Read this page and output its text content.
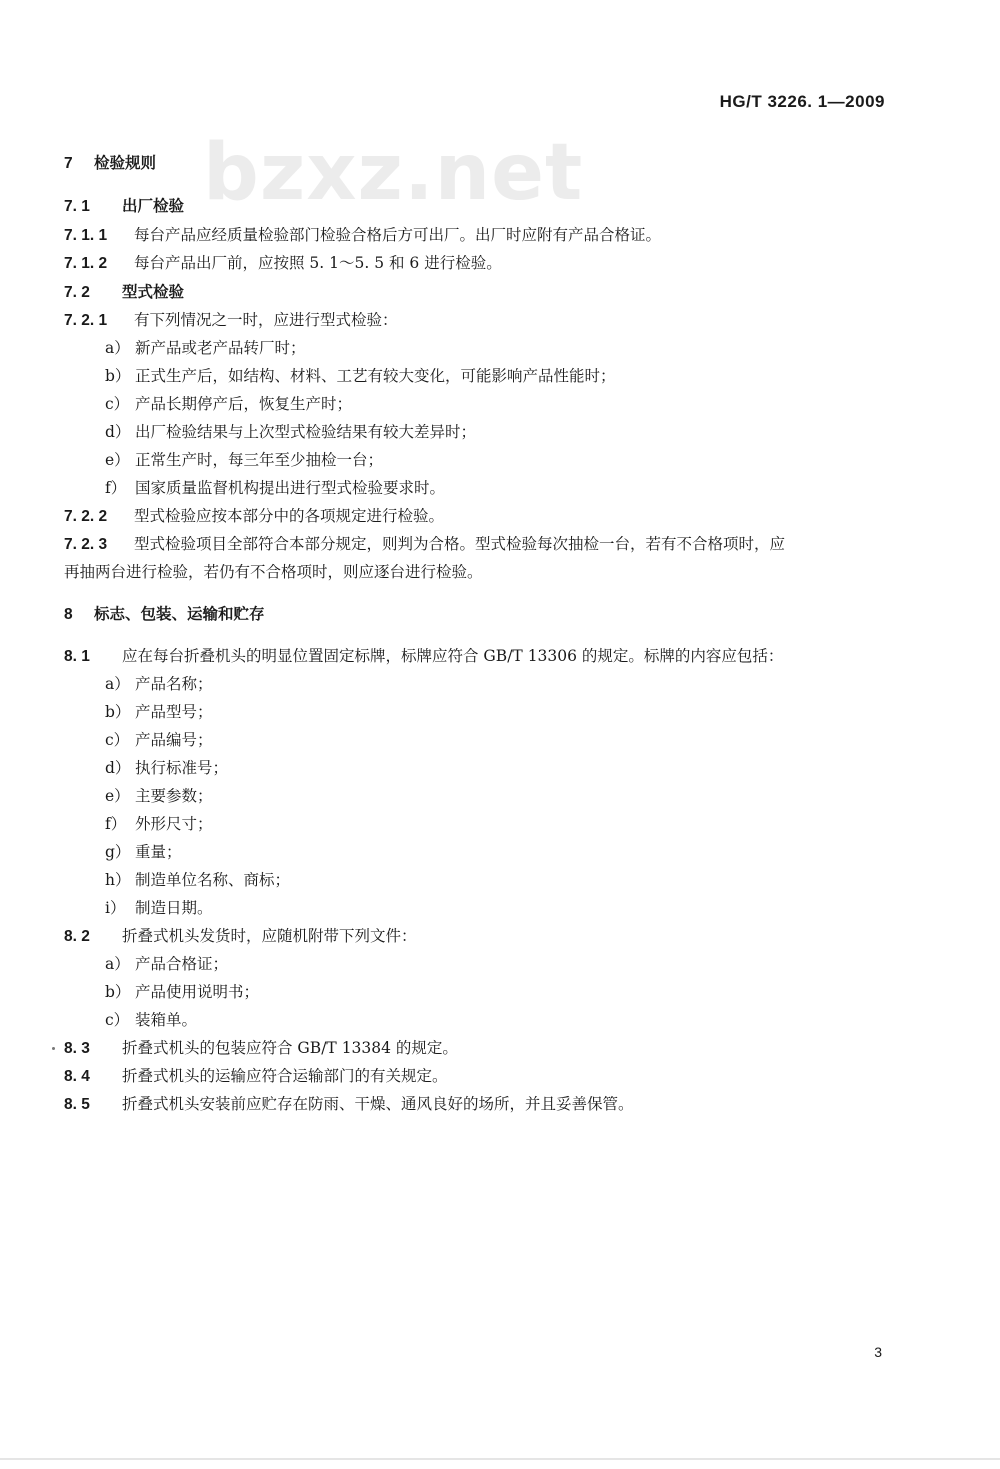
bzxz.net
HG/T 3226. 1—2009
7 检验规则
7. 1 出厂检验
7. 1. 1 每台产品应经质量检验部门检验合格后方可出厂。出厂时应附有产品合格证。
7. 1. 2 每台产品出厂前，应按照 5. 1～5. 5 和 6 进行检验。
7. 2 型式检验
7. 2. 1 有下列情况之一时，应进行型式检验：
a） 新产品或老产品转厂时；
b） 正式生产后，如结构、材料、工艺有较大变化，可能影响产品性能时；
c） 产品长期停产后，恢复生产时；
d） 出厂检验结果与上次型式检验结果有较大差异时；
e） 正常生产时，每三年至少抽检一台；
f） 国家质量监督机构提出进行型式检验要求时。
7. 2. 2 型式检验应按本部分中的各项规定进行检验。
7. 2. 3 型式检验项目全部符合本部分规定，则判为合格。型式检验每次抽检一台，若有不合格项时，应
再抽两台进行检验，若仍有不合格项时，则应逐台进行检验。
8 标志、包装、运输和贮存
8. 1 应在每台折叠机头的明显位置固定标牌，标牌应符合 GB/T 13306 的规定。标牌的内容应包括：
a） 产品名称；
b） 产品型号；
c） 产品编号；
d） 执行标准号；
e） 主要参数；
f） 外形尺寸；
g） 重量；
h） 制造单位名称、商标；
i） 制造日期。
8. 2 折叠式机头发货时，应随机附带下列文件：
a） 产品合格证；
b） 产品使用说明书；
c） 装箱单。
8. 3 折叠式机头的包装应符合 GB/T 13384 的规定。
8. 4 折叠式机头的运输应符合运输部门的有关规定。
8. 5 折叠式机头安装前应贮存在防雨、干燥、通风良好的场所，并且妥善保管。
3
